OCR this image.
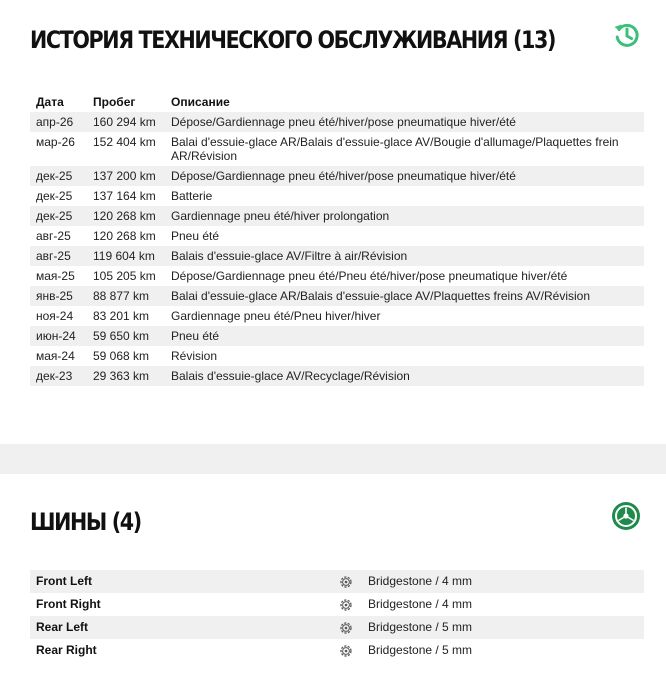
ИСТОРИЯ ТЕХНИЧЕСКОГО ОБСЛУЖИВАНИЯ (13)
Дата	Пробег	Описание
апр-26	160 294 km	Dépose/Gardiennage pneu été/hiver/pose pneumatique hiver/été
мар-26	152 404 km	Balai d'essuie-glace AR/Balais d'essuie-glace AV/Bougie d'allumage/Plaquettes frein AR/Révision
дек-25	137 200 km	Dépose/Gardiennage pneu été/hiver/pose pneumatique hiver/été
дек-25	137 164 km	Batterie
дек-25	120 268 km	Gardiennage pneu été/hiver prolongation
авг-25	120 268 km	Pneu été
авг-25	119 604 km	Balais d'essuie-glace AV/Filtre à air/Révision
мая-25	105 205 km	Dépose/Gardiennage pneu été/Pneu été/hiver/pose pneumatique hiver/été
янв-25	88 877 km	Balai d'essuie-glace AR/Balais d'essuie-glace AV/Plaquettes freins AV/Révision
ноя-24	83 201 km	Gardiennage pneu été/Pneu hiver/hiver
июн-24	59 650 km	Pneu été
мая-24	59 068 km	Révision
дек-23	29 363 km	Balais d'essuie-glace AV/Recyclage/Révision
ШИНЫ (4)
Front Left	Bridgestone / 4 mm
Front Right	Bridgestone / 4 mm
Rear Left	Bridgestone / 5 mm
Rear Right	Bridgestone / 5 mm
